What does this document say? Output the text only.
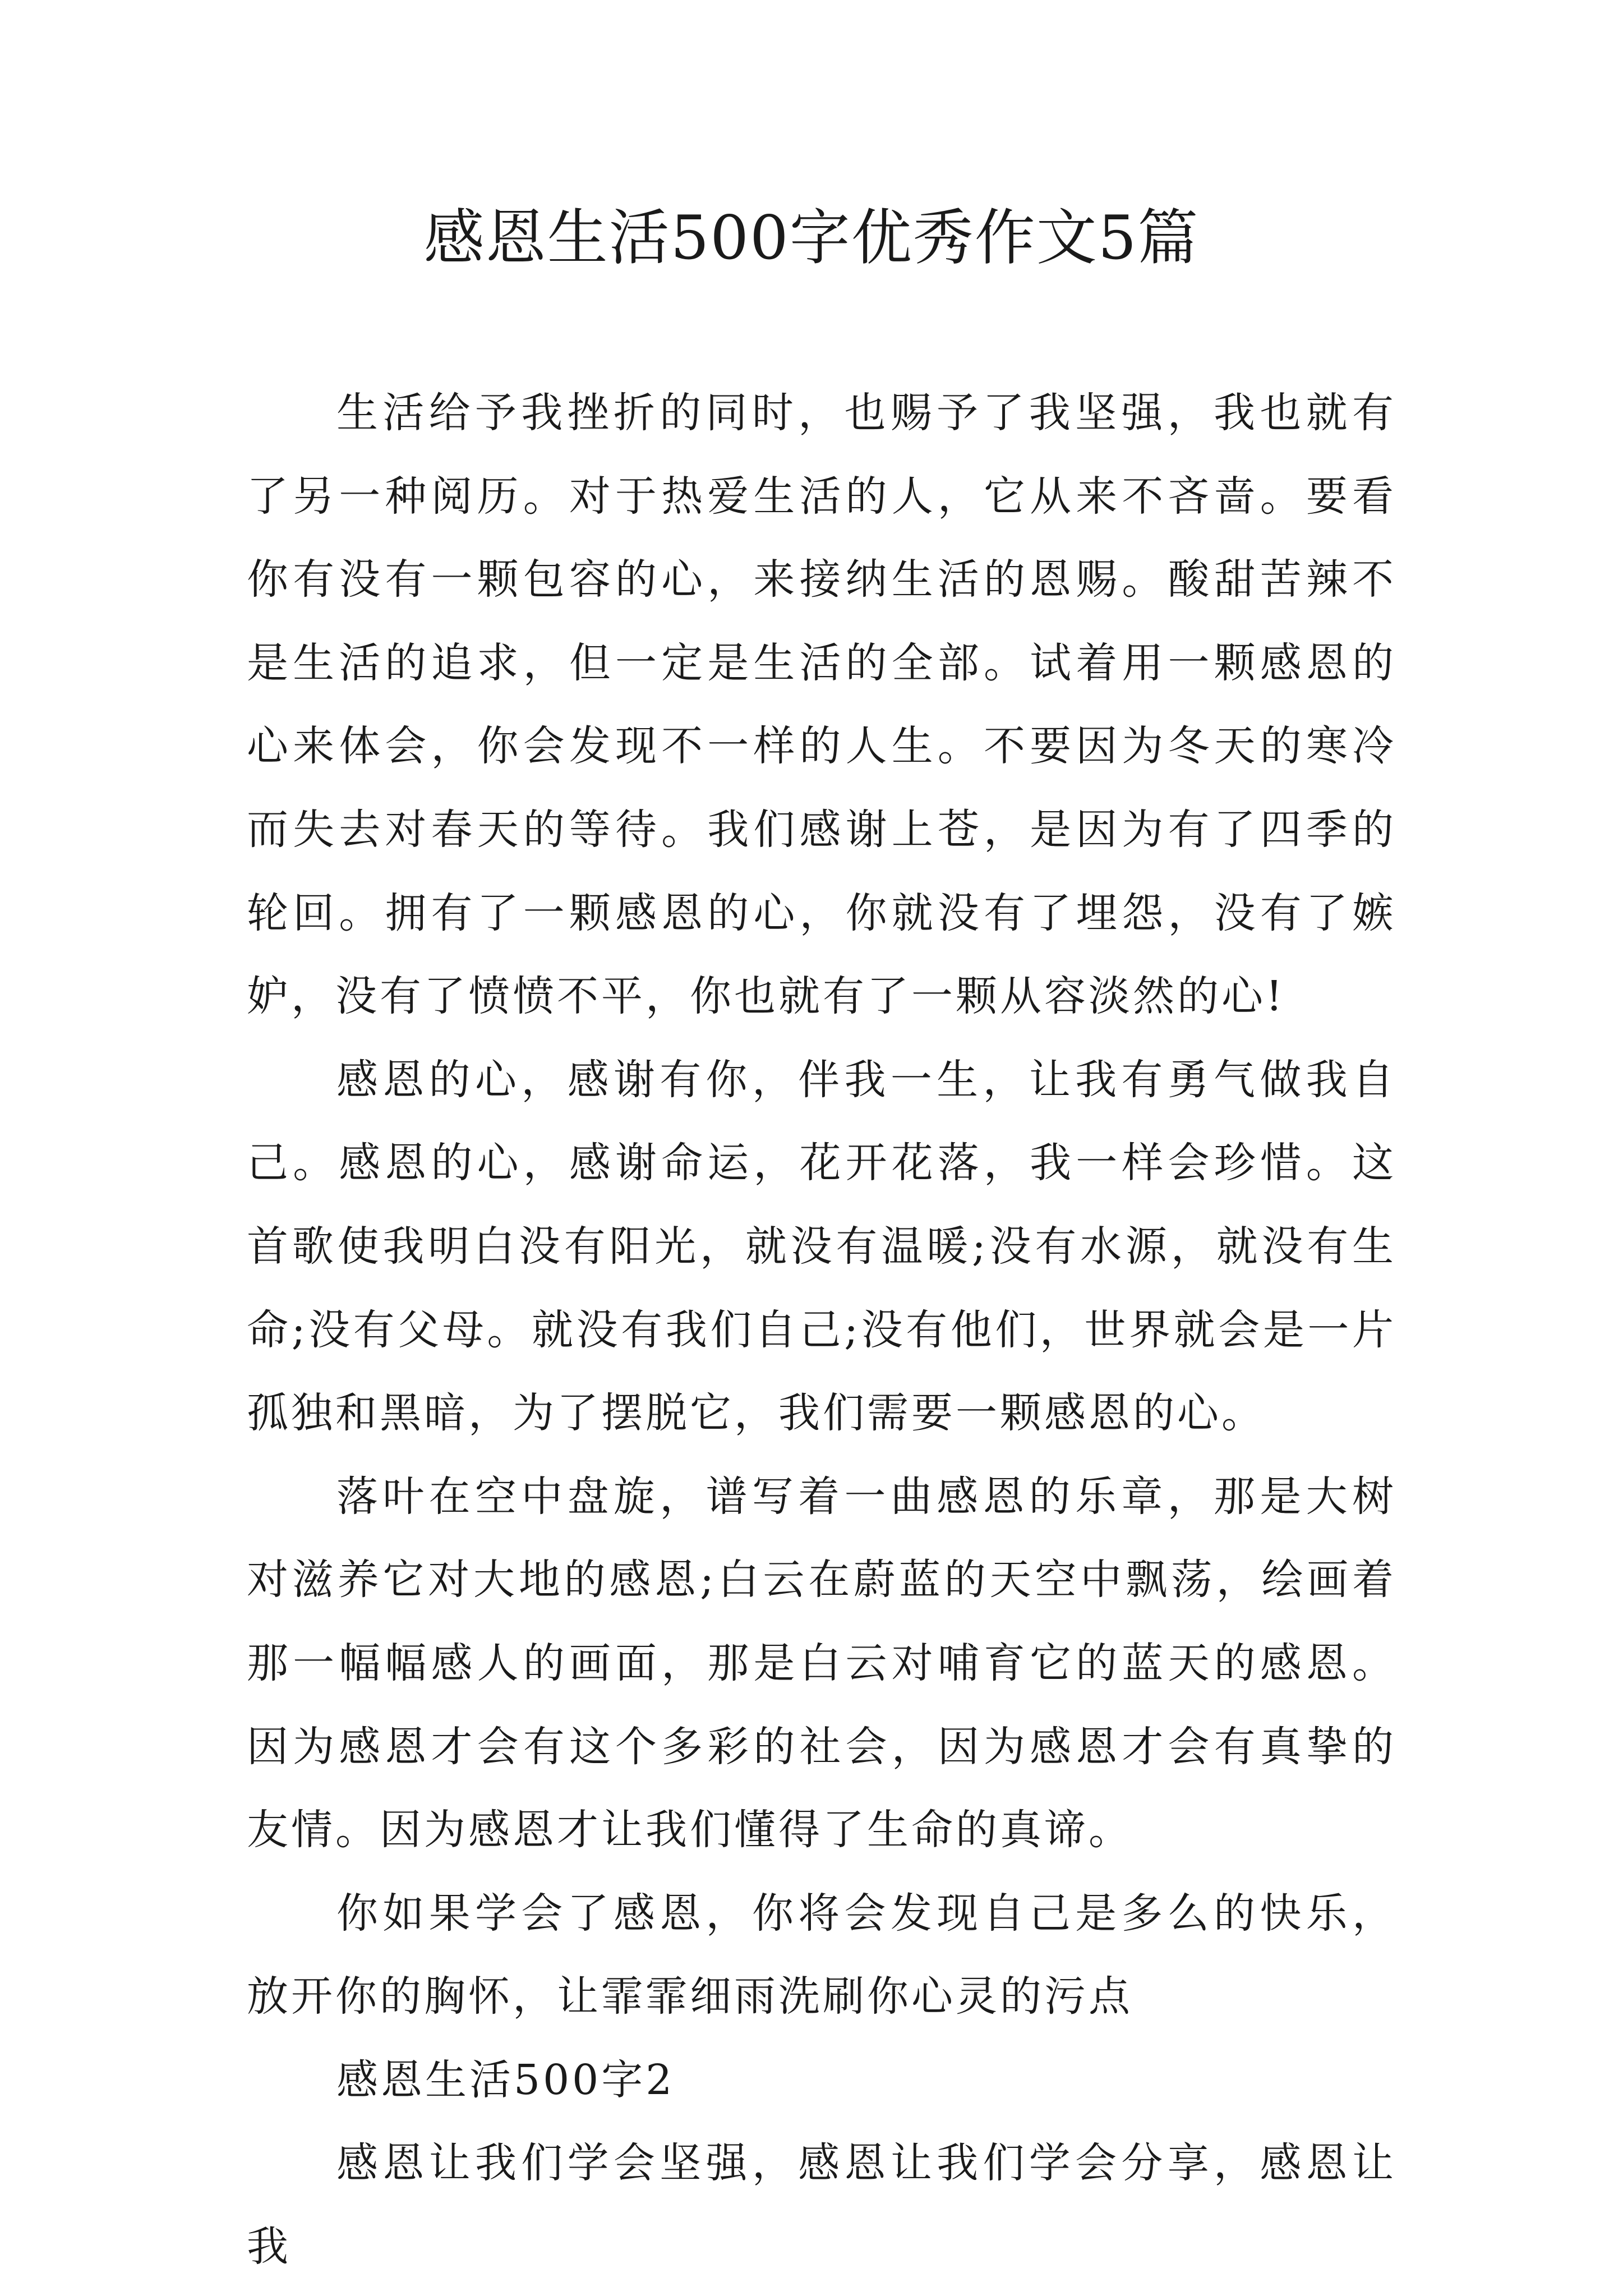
感恩生活500字优秀作文5篇

生活给予我挫折的同时，也赐予了我坚强，我也就有了另一种阅历。对于热爱生活的人，它从来不吝啬。要看你有没有一颗包容的心，来接纳生活的恩赐。酸甜苦辣不是生活的追求，但一定是生活的全部。试着用一颗感恩的心来体会，你会发现不一样的人生。不要因为冬天的寒冷而失去对春天的等待。我们感谢上苍，是因为有了四季的轮回。拥有了一颗感恩的心，你就没有了埋怨，没有了嫉妒，没有了愤愤不平，你也就有了一颗从容淡然的心!

感恩的心，感谢有你，伴我一生，让我有勇气做我自己。感恩的心，感谢命运，花开花落，我一样会珍惜。这首歌使我明白没有阳光，就没有温暖;没有水源，就没有生命;没有父母。就没有我们自己;没有他们，世界就会是一片孤独和黑暗，为了摆脱它，我们需要一颗感恩的心。

落叶在空中盘旋，谱写着一曲感恩的乐章，那是大树对滋养它对大地的感恩;白云在蔚蓝的天空中飘荡，绘画着那一幅幅感人的画面，那是白云对哺育它的蓝天的感恩。因为感恩才会有这个多彩的社会，因为感恩才会有真挚的友情。因为感恩才让我们懂得了生命的真谛。

你如果学会了感恩，你将会发现自己是多么的快乐，放开你的胸怀，让霏霏细雨洗刷你心灵的污点

感恩生活500字2

感恩让我们学会坚强，感恩让我们学会分享，感恩让我
